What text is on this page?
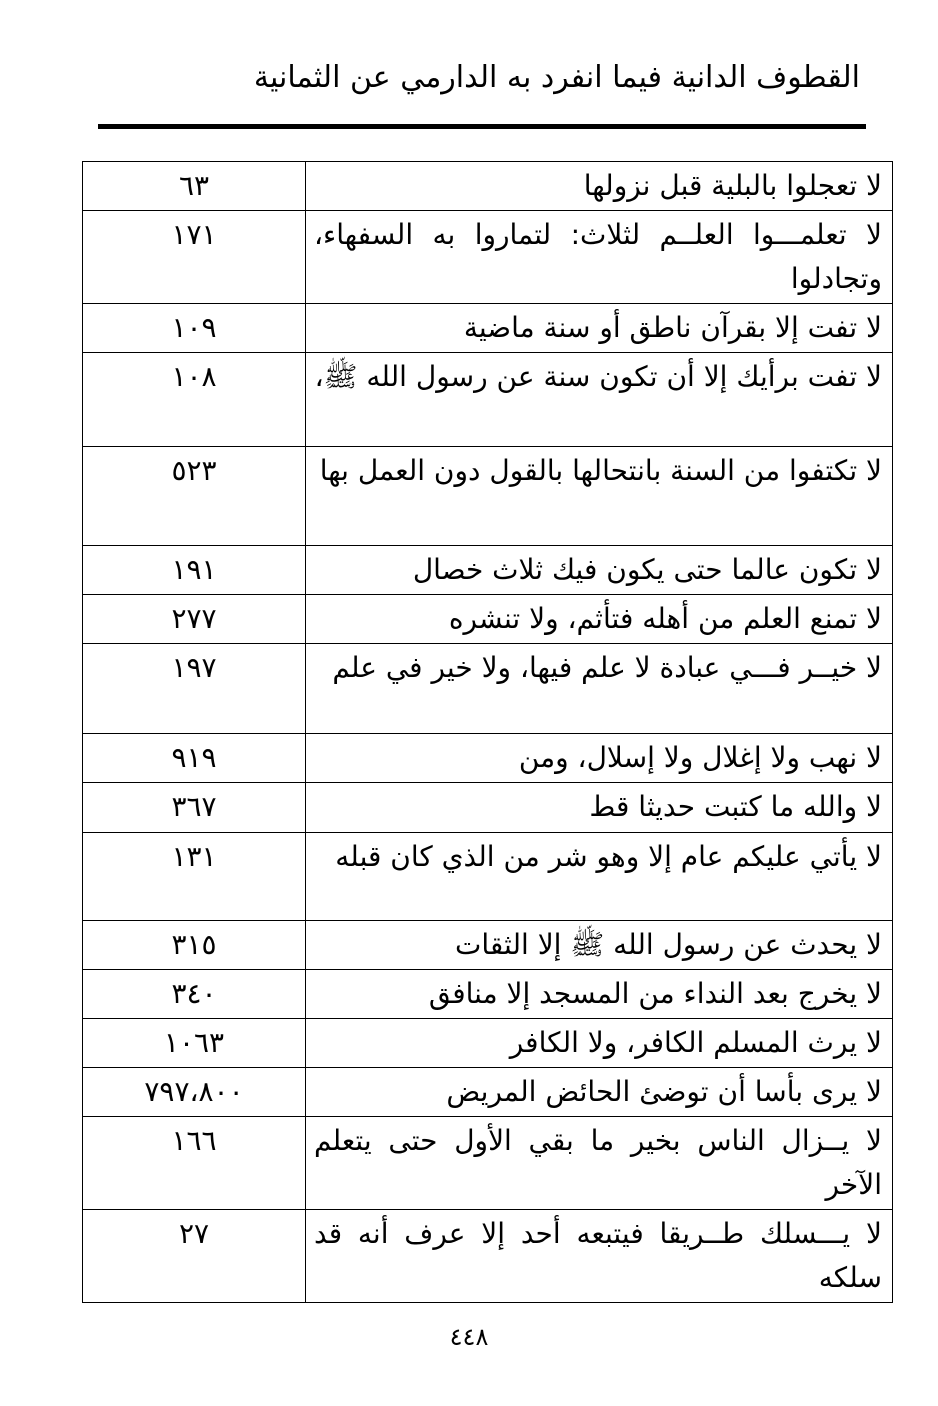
القطوف الدانية فيما انفرد به الدارمي عن الثمانية
لا تعجلوا بالبلية قبل نزولها	٦٣
لا تعلمـــوا العلــم لثلاث: لتماروا به السفهاء، وتجادلوا	١٧١
لا تفت إلا بقرآن ناطق أو سنة ماضية	١٠٩
لا تفت برأيك إلا أن تكون سنة عن رسول الله ﷺ،	١٠٨
لا تكتفوا من السنة بانتحالها بالقول دون العمل بها	٥٢٣
لا تكون عالما حتى يكون فيك ثلاث خصال	١٩١
لا تمنع العلم من أهله فتأثم، ولا تنشره	٢٧٧
لا خيــر فـــي عبادة لا علم فيها، ولا خير في علم	١٩٧
لا نهب ولا إغلال ولا إسلال، ومن	٩١٩
لا والله ما كتبت حديثا قط	٣٦٧
لا يأتي عليكم عام إلا وهو شر من الذي كان قبله	١٣١
لا يحدث عن رسول الله ﷺ إلا الثقات	٣١٥
لا يخرج بعد النداء من المسجد إلا منافق	٣٤٠
لا يرث المسلم الكافر، ولا الكافر	١٠٦٣
لا يرى بأسا أن توضئ الحائض المريض	٧٩٧،٨٠٠
لا يــزال الناس بخير ما بقي الأول حتى يتعلم الآخر	١٦٦
لا يـــسلك طــريقا فيتبعه أحد إلا عرف أنه قد سلكه	٢٧
٤٤٨
